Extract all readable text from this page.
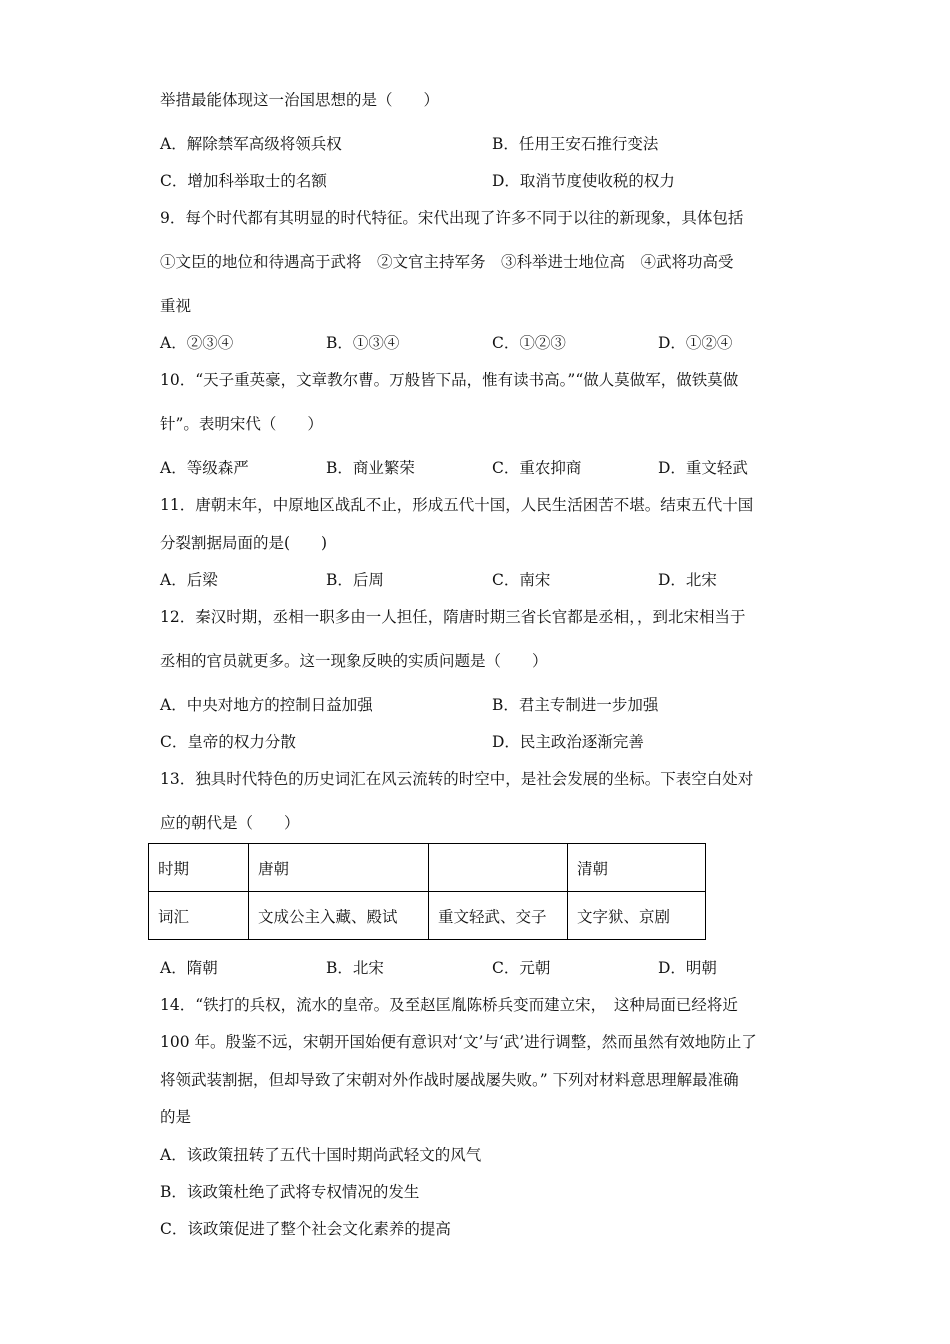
举措最能体现这一治国思想的是（　　）
A．解除禁军高级将领兵权	B．任用王安石推行变法
C．增加科举取士的名额	D．取消节度使收税的权力
9．每个时代都有其明显的时代特征。宋代出现了许多不同于以往的新现象，具体包括
①文臣的地位和待遇高于武将　②文官主持军务　③科举进士地位高　④武将功高受
重视
A．②③④	B．①③④	C．①②③	D．①②④
10．“天子重英豪，文章教尔曹。万般皆下品，惟有读书高。”“做人莫做军，做铁莫做
针”。表明宋代（　　）
A．等级森严	B．商业繁荣	C．重农抑商	D．重文轻武
11．唐朝末年，中原地区战乱不止，形成五代十国，人民生活困苦不堪。结束五代十国
分裂割据局面的是(　　)
A．后梁	B．后周	C．南宋	D．北宋
12．秦汉时期，丞相一职多由一人担任，隋唐时期三省长官都是丞相，，到北宋相当于
丞相的官员就更多。这一现象反映的实质问题是（　　）
A．中央对地方的控制日益加强	B．君主专制进一步加强
C．皇帝的权力分散	D．民主政治逐渐完善
13．独具时代特色的历史词汇在风云流转的时空中，是社会发展的坐标。下表空白处对
应的朝代是（　　）
时期	唐朝		清朝
词汇	文成公主入藏、殿试	重文轻武、交子	文字狱、京剧
A．隋朝	B．北宋	C．元朝	D．明朝
14．“铁打的兵权，流水的皇帝。及至赵匡胤陈桥兵变而建立宋，　这种局面已经将近
100 年。殷鉴不远，宋朝开国始便有意识对‘文’与‘武’进行调整，然而虽然有效地防止了
将领武装割据，但却导致了宋朝对外作战时屡战屡失败。” 下列对材料意思理解最准确
的是
A．该政策扭转了五代十国时期尚武轻文的风气
B．该政策杜绝了武将专权情况的发生
C．该政策促进了整个社会文化素养的提高
